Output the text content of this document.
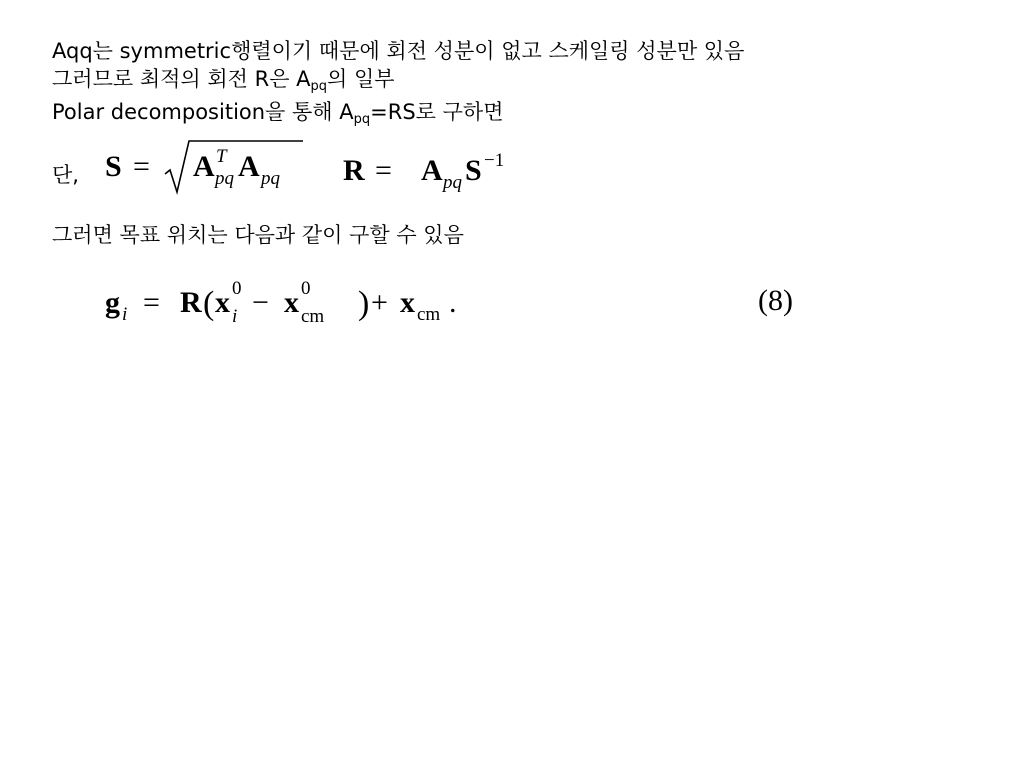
Aqq는 symmetric행렬이기 때문에 회전 성분이 없고 스케일링 성분만 있음
그러므로 최적의 회전 R은 $A_{pq}$의 일부
Polar decomposition을 통해 $A_{pq}=RS$로 구하면
단, S = A T
pq A pq R = A pq S −1
그러면 목표 위치는 다음과 같이 구할 수 있음
g i = R ( x 0
i − x 0
cm ) + x cm .	(8)
